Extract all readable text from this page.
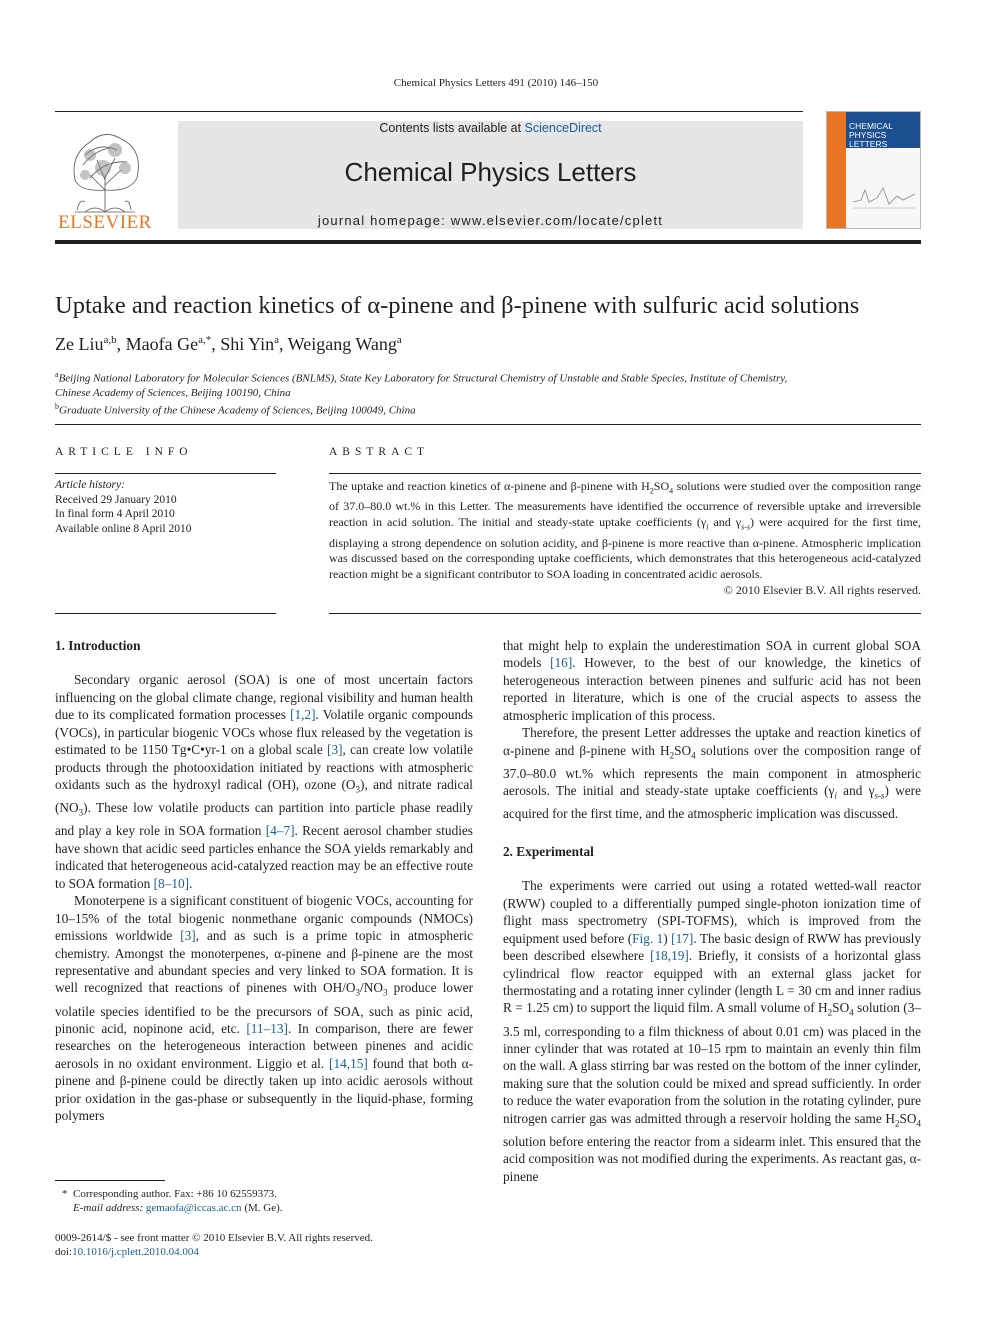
Chemical Physics Letters 491 (2010) 146–150
ELSEVIER
Contents lists available at ScienceDirect
Chemical Physics Letters
journal homepage: www.elsevier.com/locate/cplett
CHEMICAL
PHYSICS
LETTERS
Uptake and reaction kinetics of α-pinene and β-pinene with sulfuric acid solutions
Ze Liu$^{a,b}$, Maofa $Ge^{a,*}$, Shi Yin$^a$, Weigang Wang$^a$
$^a$Beijing National Laboratory for Molecular Sciences (BNLMS), State Key Laboratory for Structural Chemistry of Unstable and Stable Species, Institute of Chemistry,
Chinese Academy of Sciences, Beijing 100190, China
$^b$Graduate University of the Chinese Academy of Sciences, Beijing 100049, China
ARTICLE INFO
Article history:
Received 29 January 2010
In final form 4 April 2010
Available online 8 April 2010
ABSTRACT
The uptake and reaction kinetics of α-pinene and β-pinene with $H_2SO_4$ solutions were studied over the composition range of 37.0–80.0 wt.% in this Letter. The measurements have identified the occurrence of reversible uptake and irreversible reaction in acid solution. The initial and steady-state uptake coefficients ($\gamma_i$ and $\gamma_{s-s}$) were acquired for the first time, displaying a strong dependence on solution acidity, and β-pinene is more reactive than α-pinene. Atmospheric implication was discussed based on the corresponding uptake coefficients, which demonstrates that this heterogeneous acid-catalyzed reaction might be a significant contributor to SOA loading in concentrated acidic aerosols.
© 2010 Elsevier B.V. All rights reserved.
1. Introduction

Secondary organic aerosol (SOA) is one of most uncertain factors influencing on the global climate change, regional visibility and human health due to its complicated formation processes [1,2]. Volatile organic compounds (VOCs), in particular biogenic VOCs whose flux released by the vegetation is estimated to be 1150 Tg•C•yr-1 on a global scale [3], can create low volatile products through the photooxidation initiated by reactions with atmospheric oxidants such as the hydroxyl radical (OH), ozone $(O_3)$, and nitrate radical $(NO_3)$. These low volatile products can partition into particle phase readily and play a key role in SOA formation [4–7]. Recent aerosol chamber studies have shown that acidic seed particles enhance the SOA yields remarkably and indicated that heterogeneous acid-catalyzed reaction may be an effective route to SOA formation [8–10].

Monoterpene is a significant constituent of biogenic VOCs, accounting for 10–15% of the total biogenic nonmethane organic compounds (NMOCs) emissions worldwide [3], and as such is a prime topic in atmospheric chemistry. Amongst the monoterpenes, α-pinene and β-pinene are the most representative and abundant species and very linked to SOA formation. It is well recognized that reactions of pinenes with $OH/O_3/NO_3$ produce lower volatile species identified to be the precursors of SOA, such as pinic acid, pinonic acid, nopinone acid, etc. [11–13]. In comparison, there are fewer researches on the heterogeneous interaction between pinenes and acidic aerosols in no oxidant environment. Liggio et al. [14,15] found that both α-pinene and β-pinene could be directly taken up into acidic aerosols without prior oxidation in the gas-phase or subsequently in the liquid-phase, forming polymers

that might help to explain the underestimation SOA in current global SOA models [16]. However, to the best of our knowledge, the kinetics of heterogeneous interaction between pinenes and sulfuric acid has not been reported in literature, which is one of the crucial aspects to assess the atmospheric implication of this process.

Therefore, the present Letter addresses the uptake and reaction kinetics of α-pinene and β-pinene with $H_2SO_4$ solutions over the composition range of 37.0–80.0 wt.% which represents the main component in atmospheric aerosols. The initial and steady-state uptake coefficients ($\gamma_i$ and $\gamma_{s-s}$) were acquired for the first time, and the atmospheric implication was discussed.

2. Experimental

The experiments were carried out using a rotated wetted-wall reactor (RWW) coupled to a differentially pumped single-photon ionization time of flight mass spectrometry (SPI-TOFMS), which is improved from the equipment used before (Fig. 1) [17]. The basic design of RWW has previously been described elsewhere [18,19]. Briefly, it consists of a horizontal glass cylindrical flow reactor equipped with an external glass jacket for thermostating and a rotating inner cylinder (length L = 30 cm and inner radius R = 1.25 cm) to support the liquid film. A small volume of $H_2SO_4$ solution (3–3.5 ml, corresponding to a film thickness of about 0.01 cm) was placed in the inner cylinder that was rotated at 10–15 rpm to maintain an evenly thin film on the wall. A glass stirring bar was rested on the bottom of the inner cylinder, making sure that the solution could be mixed and spread sufficiently. In order to reduce the water evaporation from the solution in the rotating cylinder, pure nitrogen carrier gas was admitted through a reservoir holding the same $H_2SO_4$ solution before entering the reactor from a sidearm inlet. This ensured that the acid composition was not modified during the experiments. As reactant gas, α-pinene

* Corresponding author. Fax: +86 10 62559373.
E-mail address: gemaofa@iccas.ac.cn (M. Ge).
0009-2614/$ - see front matter © 2010 Elsevier B.V. All rights reserved.
doi:10.1016/j.cplett.2010.04.004
